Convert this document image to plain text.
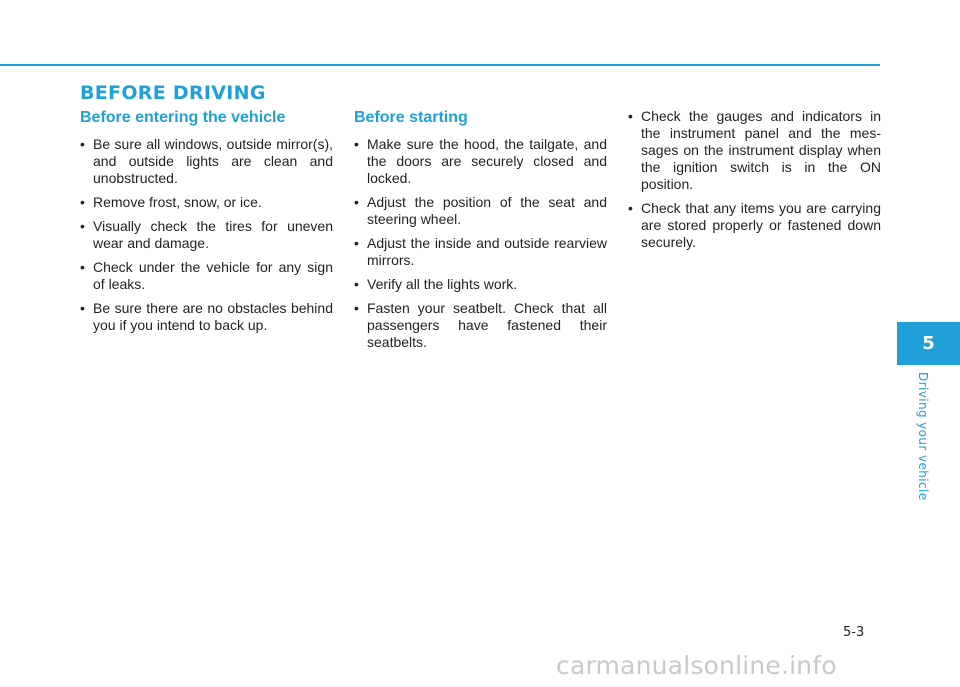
BEFORE DRIVING
Before entering the vehicle
• Be sure all windows, outside mirror(s), and outside lights are clean and unobstructed.
• Remove frost, snow, or ice.
• Visually check the tires for uneven wear and damage.
• Check under the vehicle for any sign of leaks.
• Be sure there are no obstacles behind you if you intend to back up.
Before starting
• Make sure the hood, the tailgate, and the doors are securely closed and locked.
• Adjust the position of the seat and steering wheel.
• Adjust the inside and outside rearview mirrors.
• Verify all the lights work.
• Fasten your seatbelt. Check that all passengers have fastened their seatbelts.
• Check the gauges and indicators in the instrument panel and the messages on the instrument display when the ignition switch is in the ON position.
• Check that any items you are carrying are stored properly or fastened down securely.
5
Driving your vehicle
5-3
carmanualsonline.info
